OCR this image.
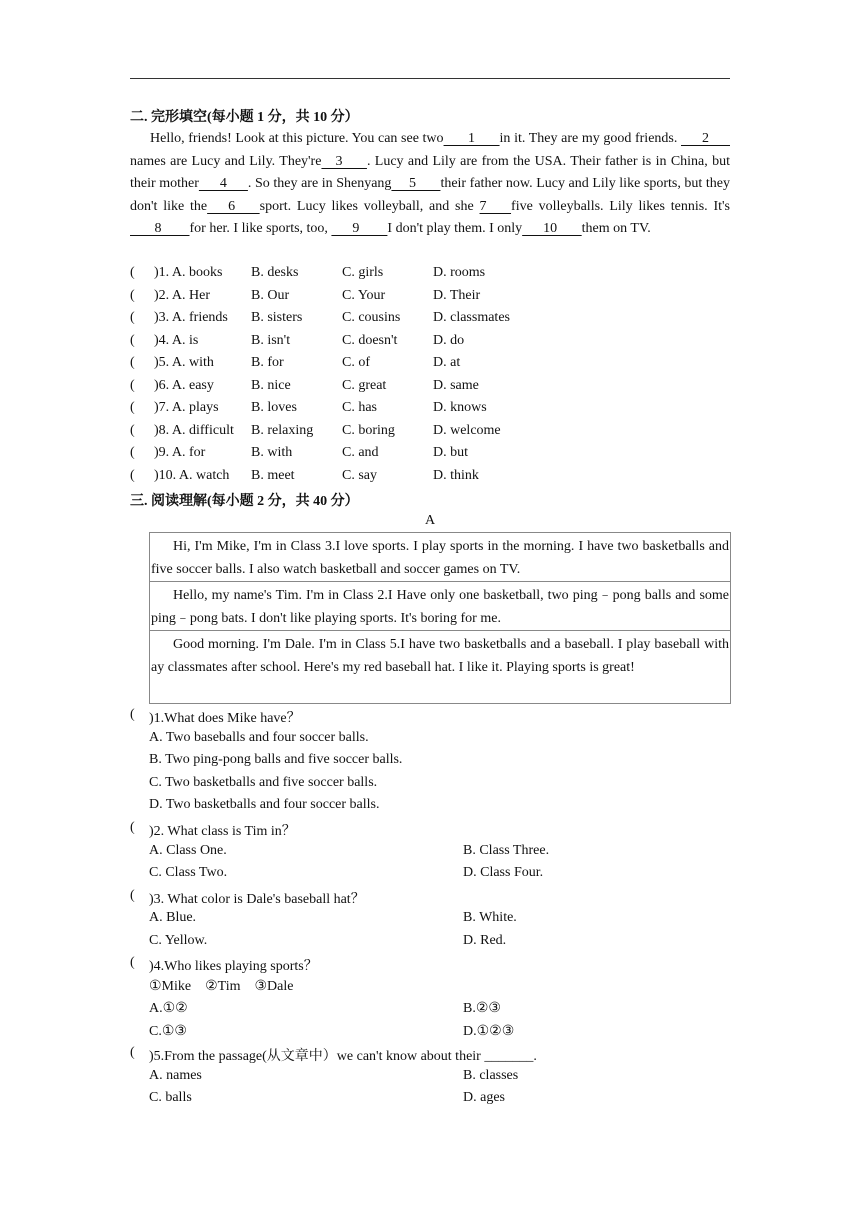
二. 完形填空(每小题 1 分，共 10 分）
Hello, friends! Look at this picture. You can see two       1       in it. They are my good friends.       2      names are Lucy and Lily. They're    3       . Lucy and Lily are from the USA. Their father is in China, but their mother      4      . So they are in Shenyang     5       their father now. Lucy and Lily like sports, but they don't like the      6       sport. Lucy likes volleyball, and she 7       five volleyballs. Lily likes tennis. It's       8        for her. I like sports, too,       9        I don't play them. I only      10       them on TV.
( )1. A. books B. desks	C. girls	D. rooms
( )2. A. Her	B. Our	C. Your	D. Their
( )3. A. friends B. sisters	C. cousins D. classmates
( )4. A. is	B. isn't	C. doesn't	D. do
( )5. A. with	B. for	C. of	D. at
( )6. A. easy	B. nice	C. great	D. same
( )7. A. plays B. loves	C. has	D. knows
( )8. A. difficult B. relaxing C. boring	D. welcome
( )9. A. for	B. with	C. and	D. but
( )10. A. watch B. meet	C. say	D. think
三. 阅读理解(每小题 2 分，共 40 分）
A
Hi, I'm Mike, I'm in Class 3.I love sports. I play sports in the morning. I have two basketballs and five soccer balls. I also watch basketball and soccer games on TV.
Hello, my name's Tim. I'm in Class 2.I Have only one basketball, two ping﹣pong balls and some ping﹣pong bats. I don't like playing sports. It's boring for me.
Good morning. I'm Dale. I'm in Class 5.I have two basketballs and a baseball. I play baseball with ay classmates after school. Here's my red baseball hat. I like it. Playing sports is great!
( )1.What does Mike have？
A. Two baseballs and four soccer balls.
B. Two ping-pong balls and five soccer balls.
C. Two basketballs and five soccer balls.
D. Two basketballs and four soccer balls.
( )2. What class is Tim in？
A. Class One.	B. Class Three.
C. Class Two.	D. Class Four.
( )3. What color is Dale's baseball hat？
A. Blue.	B. White.
C. Yellow.	D. Red.
( )4.Who likes playing sports？
①Mike    ②Tim    ③Dale
A.①②	B.②③
C.①③	D.①②③
( )5.From the passage(从文章中）we can't know about their _______.
A. names	B. classes
C. balls	D. ages
